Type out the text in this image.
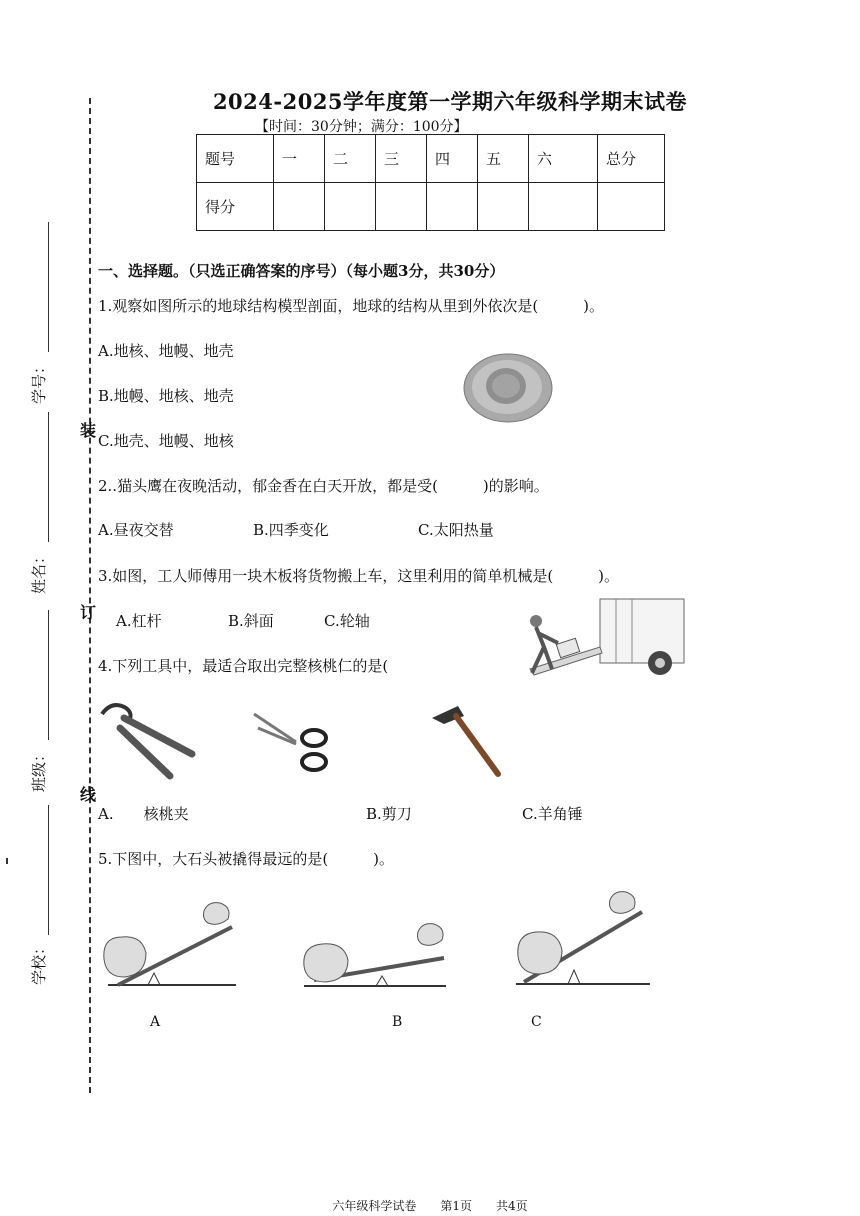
装
订
线
学号：
姓名：
班级：
学校：
2024-2025学年度第一学期六年级科学期末试卷
【时间：30分钟；满分：100分】
题号	一	二	三	四	五	六	总分
得分							
一、选择题。（只选正确答案的序号）（每小题3分，共30分）
1.观察如图所示的地球结构模型剖面，地球的结构从里到外依次是(　　　)。
A.地核、地幔、地壳
B.地幔、地核、地壳
C.地壳、地幔、地核
2..猫头鹰在夜晚活动，郁金香在白天开放，都是受(　　　)的影响。
A.昼夜交替	B.四季变化	C.太阳热量
3.如图，工人师傅用一块木板将货物搬上车，这里利用的简单机械是(　　　)。
A.杠杆	B.斜面	C.轮轴
4.下列工具中，最适合取出完整核桃仁的是(
A.　　核桃夹	B.剪刀	C.羊角锤
5.下图中，大石头被撬得最远的是(　　　)。
A	B	C
六年级科学试卷　　第1页　　共4页
